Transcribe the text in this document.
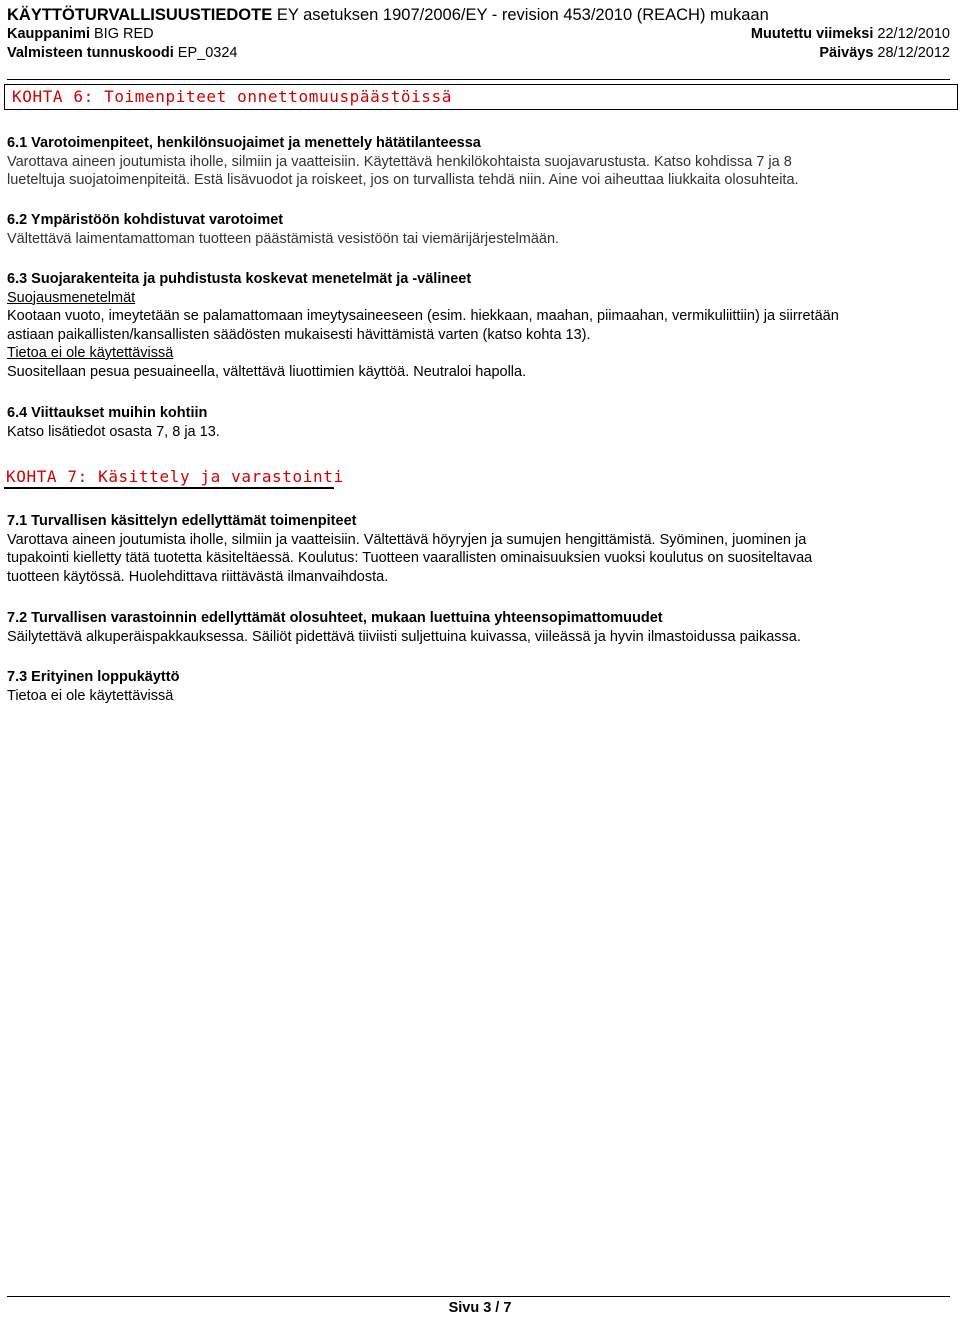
KÄYTTÖTURVALLISUUSTIEDOTE EY asetuksen 1907/2006/EY - revision 453/2010 (REACH) mukaan
Kauppanimi BIG RED	Muutettu viimeksi 22/12/2010
Valmisteen tunnuskoodi EP_0324	Päiväys 28/12/2012
KOHTA 6: Toimenpiteet onnettomuuspäästöissä

6.1 Varotoimenpiteet, henkilönsuojaimet ja menettely hätätilanteessa

Varottava aineen joutumista iholle, silmiin ja vaatteisiin. Käytettävä henkilökohtaista suojavarustusta. Katso kohdissa 7 ja 8

lueteltuja suojatoimenpiteitä. Estä lisävuodot ja roiskeet, jos on turvallista tehdä niin. Aine voi aiheuttaa liukkaita olosuhteita.

6.2 Ympäristöön kohdistuvat varotoimet

Vältettävä laimentamattoman tuotteen päästämistä vesistöön tai viemärijärjestelmään.

6.3 Suojarakenteita ja puhdistusta koskevat menetelmät ja -välineet

Suojausmenetelmät

Kootaan vuoto, imeytetään se palamattomaan imeytysaineeseen (esim. hiekkaan, maahan, piimaahan, vermikuliittiin) ja siirretään

astiaan paikallisten/kansallisten säädösten mukaisesti hävittämistä varten (katso kohta 13).

Tietoa ei ole käytettävissä

Suositellaan pesua pesuaineella, vältettävä liuottimien käyttöä. Neutraloi hapolla.

6.4 Viittaukset muihin kohtiin

Katso lisätiedot osasta 7, 8 ja 13.

KOHTA 7: Käsittely ja varastointi

7.1 Turvallisen käsittelyn edellyttämät toimenpiteet

Varottava aineen joutumista iholle, silmiin ja vaatteisiin. Vältettävä höyryjen ja sumujen hengittämistä. Syöminen, juominen ja

tupakointi kielletty tätä tuotetta käsiteltäessä. Koulutus: Tuotteen vaarallisten ominaisuuksien vuoksi koulutus on suositeltavaa

tuotteen käytössä. Huolehdittava riittävästä ilmanvaihdosta.

7.2 Turvallisen varastoinnin edellyttämät olosuhteet, mukaan luettuina yhteensopimattomuudet

Säilytettävä alkuperäispakkauksessa. Säiliöt pidettävä tiiviisti suljettuina kuivassa, viileässä ja hyvin ilmastoidussa paikassa.

7.3 Erityinen loppukäyttö

Tietoa ei ole käytettävissä

Sivu 3 / 7
